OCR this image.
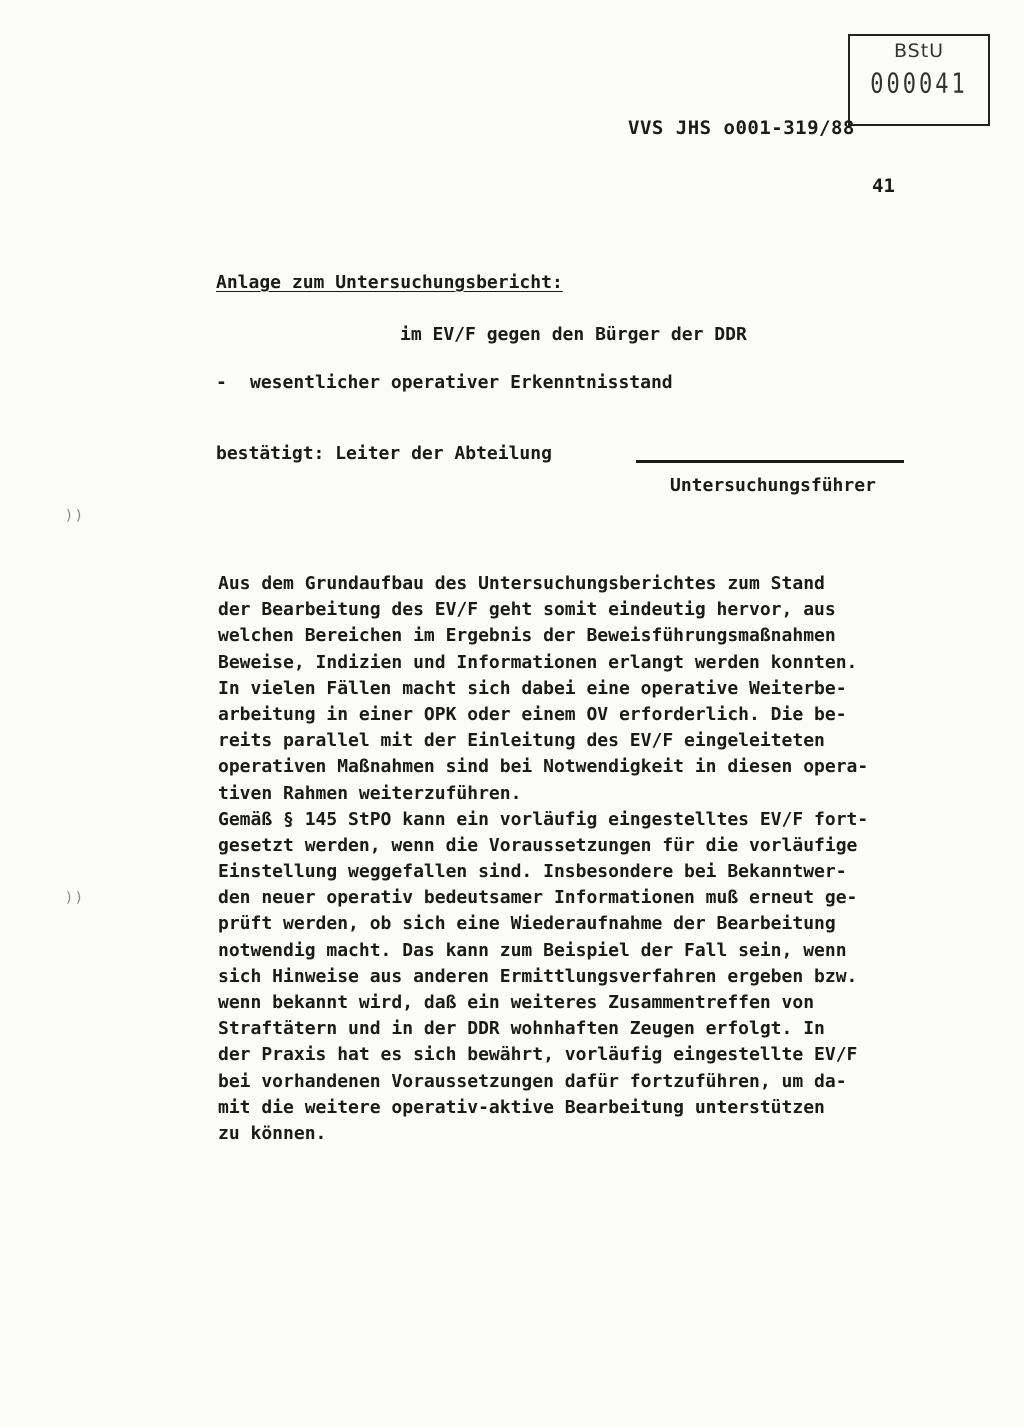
BStU
000041
VVS JHS o001-319/88
41
Anlage zum Untersuchungsbericht:
im EV/F gegen den Bürger der DDR
- wesentlicher operativer Erkenntnisstand
bestätigt: Leiter der Abteilung
Untersuchungsführer
) )
) )
Aus dem Grundaufbau des Untersuchungsberichtes zum Stand
der Bearbeitung des EV/F geht somit eindeutig hervor, aus
welchen Bereichen im Ergebnis der Beweisführungsmaßnahmen
Beweise, Indizien und Informationen erlangt werden konnten.
In vielen Fällen macht sich dabei eine operative Weiterbe-
arbeitung in einer OPK oder einem OV erforderlich. Die be-
reits parallel mit der Einleitung des EV/F eingeleiteten
operativen Maßnahmen sind bei Notwendigkeit in diesen opera-
tiven Rahmen weiterzuführen.
Gemäß § 145 StPO kann ein vorläufig eingestelltes EV/F fort-
gesetzt werden, wenn die Voraussetzungen für die vorläufige
Einstellung weggefallen sind. Insbesondere bei Bekanntwer-
den neuer operativ bedeutsamer Informationen muß erneut ge-
prüft werden, ob sich eine Wiederaufnahme der Bearbeitung
notwendig macht. Das kann zum Beispiel der Fall sein, wenn
sich Hinweise aus anderen Ermittlungsverfahren ergeben bzw.
wenn bekannt wird, daß ein weiteres Zusammentreffen von
Straftätern und in der DDR wohnhaften Zeugen erfolgt. In
der Praxis hat es sich bewährt, vorläufig eingestellte EV/F
bei vorhandenen Voraussetzungen dafür fortzuführen, um da-
mit die weitere operativ-aktive Bearbeitung unterstützen
zu können.
